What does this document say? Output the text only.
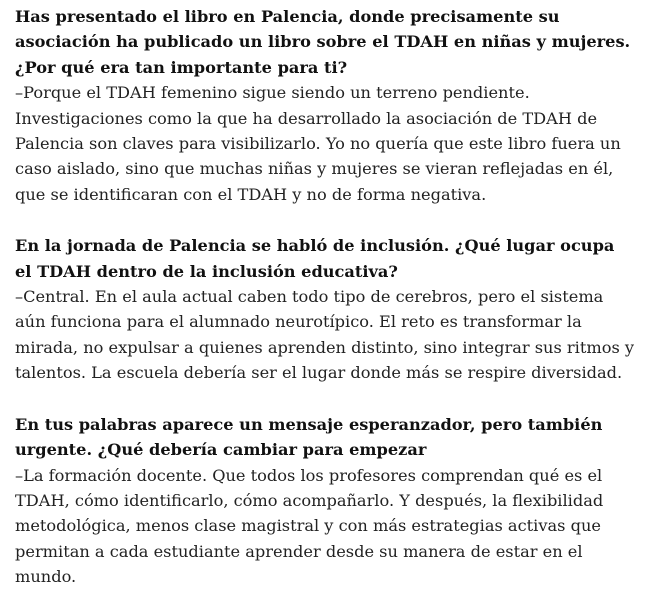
Has presentado el libro en Palencia, donde precisamente su asociación ha publicado un libro sobre el TDAH en niñas y mujeres. ¿Por qué era tan importante para ti?
–Porque el TDAH femenino sigue siendo un terreno pendiente. Investigaciones como la que ha desarrollado la asociación de TDAH de Palencia son claves para visibilizarlo. Yo no quería que este libro fuera un caso aislado, sino que muchas niñas y mujeres se vieran reflejadas en él, que se identificaran con el TDAH y no de forma negativa.
En la jornada de Palencia se habló de inclusión. ¿Qué lugar ocupa el TDAH dentro de la inclusión educativa?
–Central. En el aula actual caben todo tipo de cerebros, pero el sistema aún funciona para el alumnado neurotípico. El reto es transformar la mirada, no expulsar a quienes aprenden distinto, sino integrar sus ritmos y talentos. La escuela debería ser el lugar donde más se respire diversidad.
En tus palabras aparece un mensaje esperanzador, pero también urgente. ¿Qué debería cambiar para empezar
–La formación docente. Que todos los profesores comprendan qué es el TDAH, cómo identificarlo, cómo acompañarlo. Y después, la flexibilidad metodológica, menos clase magistral y con más estrategias activas que permitan a cada estudiante aprender desde su manera de estar en el mundo.
